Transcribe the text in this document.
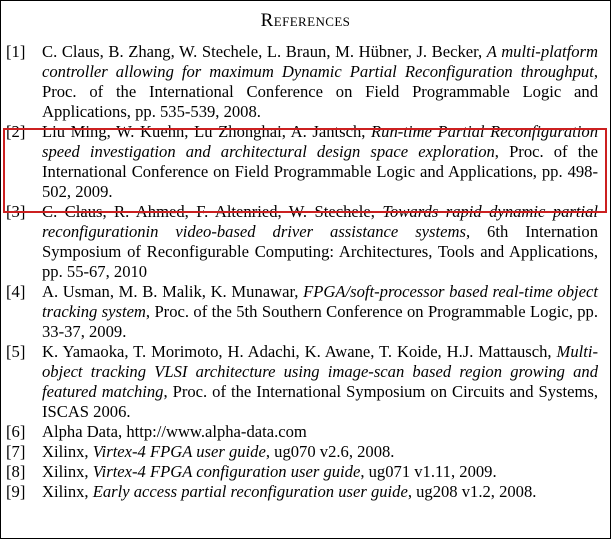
References
[1]	C. Claus, B. Zhang, W. Stechele, L. Braun, M. Hübner, J. Becker, A multi-platform controller allowing for maximum Dynamic Partial Reconfiguration throughput, Proc. of the International Conference on Field Programmable Logic and Applications, pp. 535-539, 2008.
[2]	Liu Ming, W. Kuehn, Lu Zhonghai, A. Jantsch, Run-time Partial Reconfiguration speed investigation and architectural design space exploration, Proc. of the International Conference on Field Programmable Logic and Applications, pp. 498-502, 2009.
[3]	C. Claus, R. Ahmed, F. Altenried, W. Stechele, Towards rapid dynamic partial reconfigurationin video-based driver assistance systems, 6th Internation Symposium of Reconfigurable Computing: Architectures, Tools and Applications, pp. 55-67, 2010
[4]	A. Usman, M. B. Malik, K. Munawar, FPGA/soft-processor based real-time object tracking system, Proc. of the 5th Southern Conference on Programmable Logic, pp. 33-37, 2009.
[5]	K. Yamaoka, T. Morimoto, H. Adachi, K. Awane, T. Koide, H.J. Mattausch, Multi-object tracking VLSI architecture using image-scan based region growing and featured matching, Proc. of the International Symposium on Circuits and Systems, ISCAS 2006.
[6]	Alpha Data, http://www.alpha-data.com
[7]	Xilinx, Virtex-4 FPGA user guide, ug070 v2.6, 2008.
[8]	Xilinx, Virtex-4 FPGA configuration user guide, ug071 v1.11, 2009.
[9]	Xilinx, Early access partial reconfiguration user guide, ug208 v1.2, 2008.
